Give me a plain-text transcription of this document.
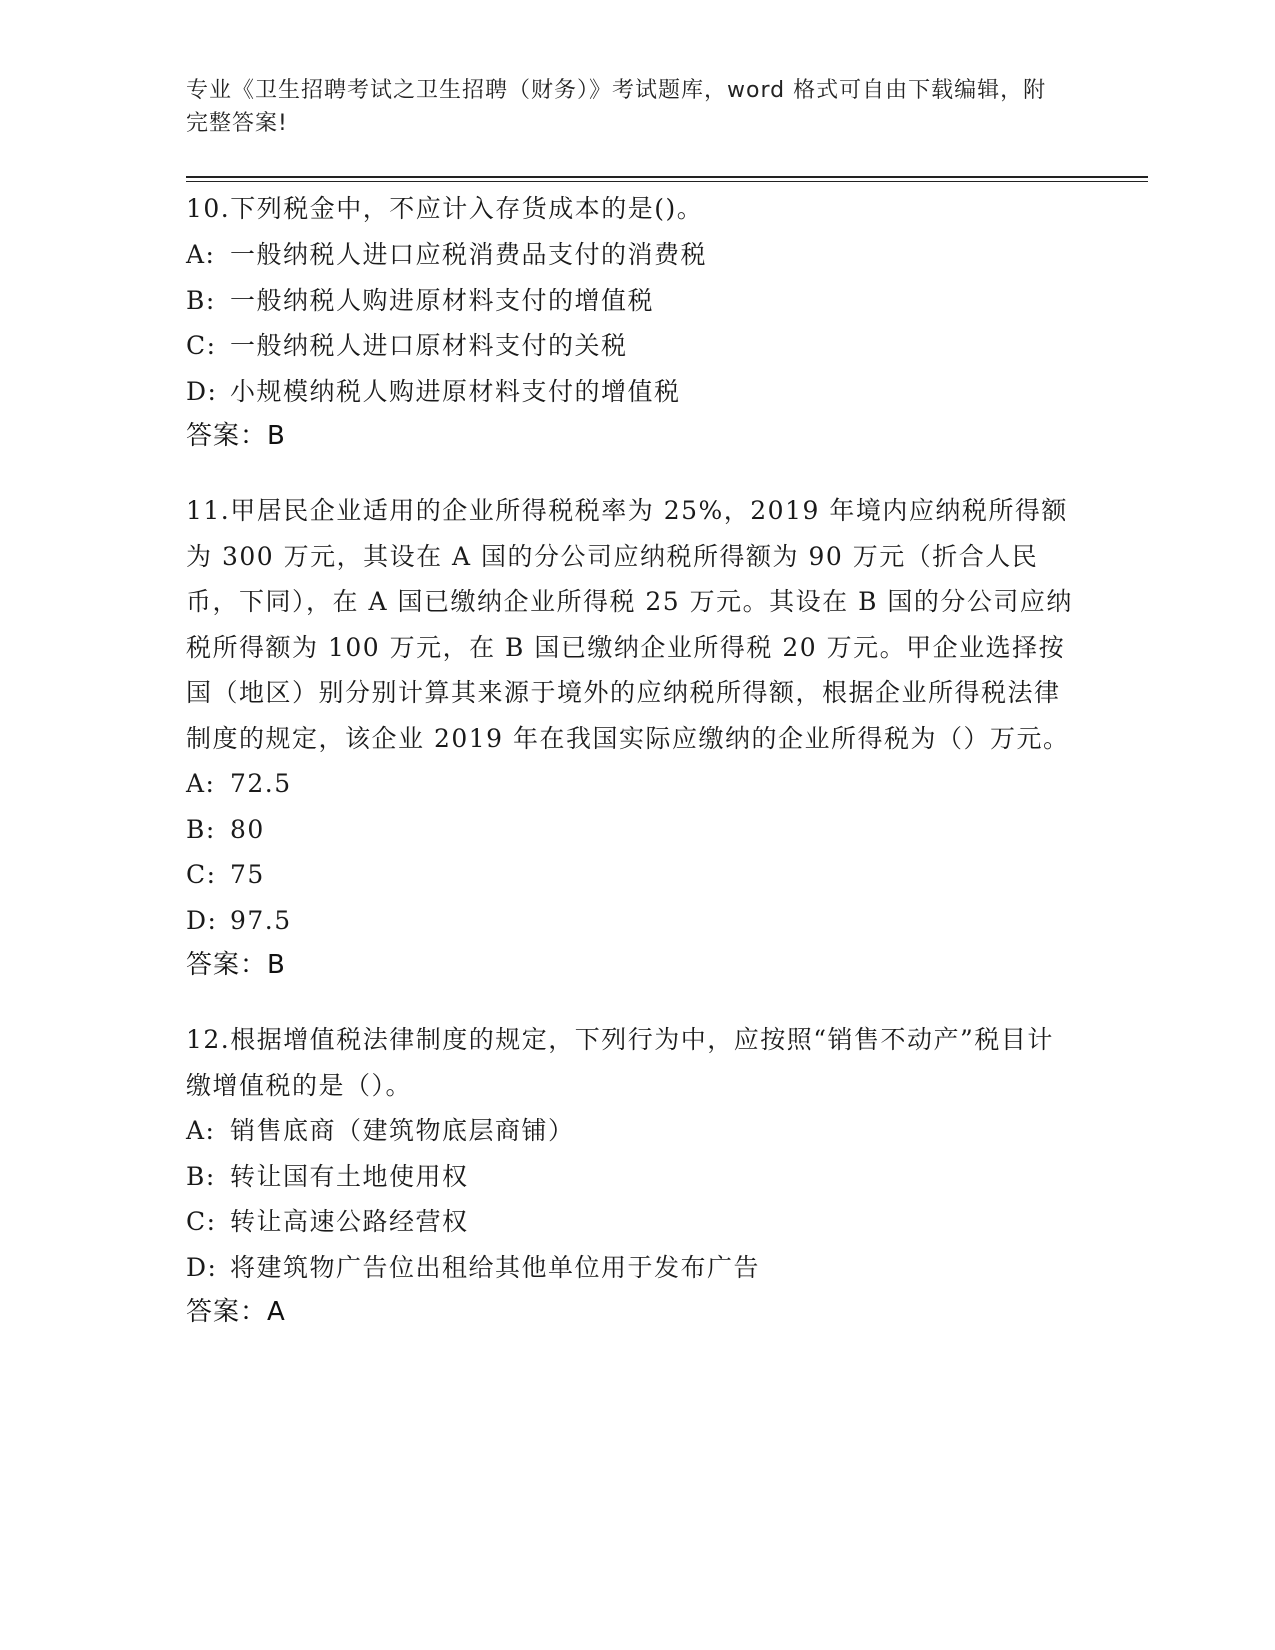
专业《卫生招聘考试之卫生招聘（财务）》考试题库，word 格式可自由下载编辑，附完整答案!

10.下列税金中，不应计入存货成本的是()。

A: 一般纳税人进口应税消费品支付的消费税
B: 一般纳税人购进原材料支付的增值税
C: 一般纳税人进口原材料支付的关税
D: 小规模纳税人购进原材料支付的增值税
答案：B

11.甲居民企业适用的企业所得税税率为 25%，2019 年境内应纳税所得额为 300 万元，其设在 A 国的分公司应纳税所得额为 90 万元（折合人民币，下同），在 A 国已缴纳企业所得税 25 万元。其设在 B 国的分公司应纳税所得额为 100 万元，在 B 国已缴纳企业所得税 20 万元。甲企业选择按国（地区）别分别计算其来源于境外的应纳税所得额，根据企业所得税法律制度的规定，该企业 2019 年在我国实际应缴纳的企业所得税为（）万元。

A: 72.5
B: 80
C: 75
D: 97.5
答案：B

12.根据增值税法律制度的规定，下列行为中，应按照“销售不动产”税目计缴增值税的是（）。

A: 销售底商（建筑物底层商铺）
B: 转让国有土地使用权
C: 转让高速公路经营权
D: 将建筑物广告位出租给其他单位用于发布广告
答案：A
